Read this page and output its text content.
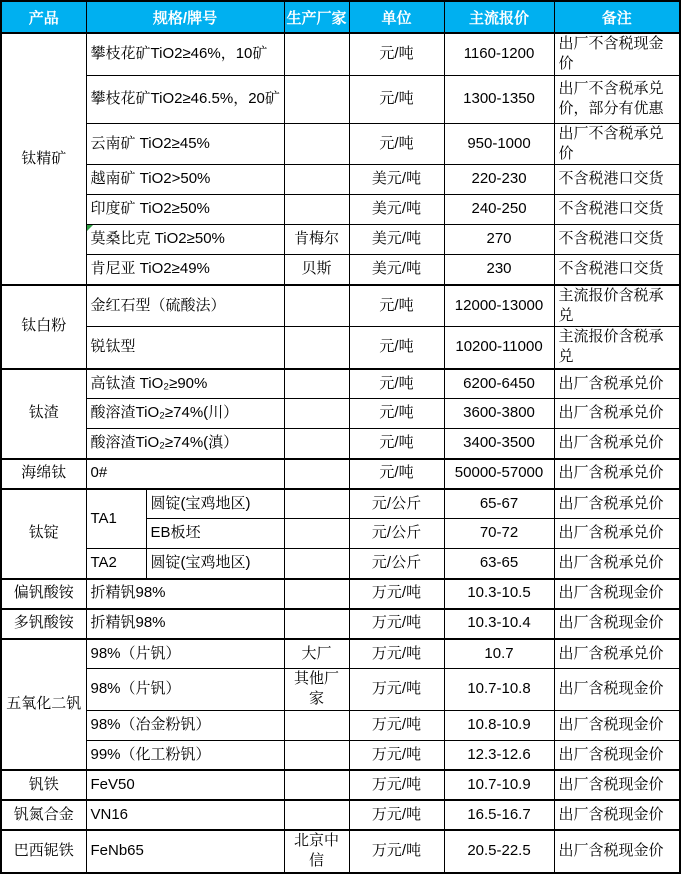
产品	规格/牌号		生产厂家	单位	主流报价	备注
钛精矿	攀枝花矿TiO2≥46%，10矿			元/吨	1160-1200	出厂不含税现金价
	攀枝花矿TiO2≥46.5%，20矿			元/吨	1300-1350	出厂不含税承兑价，部分有优惠
	云南矿 TiO2≥45%			元/吨	950-1000	出厂不含税承兑价
	越南矿 TiO2>50%			美元/吨	220-230	不含税港口交货
	印度矿 TiO2≥50%			美元/吨	240-250	不含税港口交货
	莫桑比克 TiO2≥50%		肯梅尔	美元/吨	270	不含税港口交货
	肯尼亚 TiO2≥49%		贝斯	美元/吨	230	不含税港口交货
钛白粉	金红石型（硫酸法）			元/吨	12000-13000	主流报价含税承兑
	锐钛型			元/吨	10200-11000	主流报价含税承兑
钛渣	高钛渣 TiO₂≥90%			元/吨	6200-6450	出厂含税承兑价
	酸溶渣TiO₂≥74%(川）			元/吨	3600-3800	出厂含税承兑价
	酸溶渣TiO₂≥74%(滇）			元/吨	3400-3500	出厂含税承兑价
海绵钛	0#			元/吨	50000-57000	出厂含税承兑价
钛锭	TA1	圆锭(宝鸡地区)		元/公斤	65-67	出厂含税承兑价
		EB板坯		元/公斤	70-72	出厂含税承兑价
	TA2	圆锭(宝鸡地区)		元/公斤	63-65	出厂含税承兑价
偏钒酸铵	折精钒98%			万元/吨	10.3-10.5	出厂含税现金价
多钒酸铵	折精钒98%			万元/吨	10.3-10.4	出厂含税现金价
五氧化二钒	98%（片钒）		大厂	万元/吨	10.7	出厂含税承兑价
	98%（片钒）		其他厂家	万元/吨	10.7-10.8	出厂含税现金价
	98%（冶金粉钒）			万元/吨	10.8-10.9	出厂含税现金价
	99%（化工粉钒）			万元/吨	12.3-12.6	出厂含税现金价
钒铁	FeV50			万元/吨	10.7-10.9	出厂含税现金价
钒氮合金	VN16			万元/吨	16.5-16.7	出厂含税现金价
巴西铌铁	FeNb65		北京中信	万元/吨	20.5-22.5	出厂含税现金价
